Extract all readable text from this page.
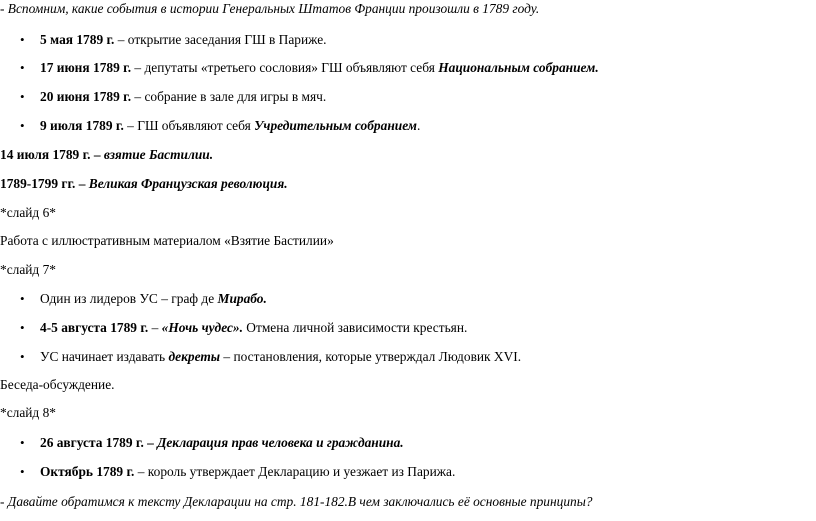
- Вспомним, какие события в истории Генеральных Штатов Франции произошли в 1789 году.
• 5 мая 1789 г. – открытие заседания ГШ в Париже.
• 17 июня 1789 г. – депутаты «третьего сословия» ГШ объявляют себя Национальным собранием.
• 20 июня 1789 г. – собрание в зале для игры в мяч.
• 9 июля 1789 г. – ГШ объявляют себя Учредительным собранием.
14 июля 1789 г. – взятие Бастилии.
1789-1799 гг. – Великая Французская революция.
*слайд 6*
Работа с иллюстративным материалом «Взятие Бастилии»
*слайд 7*
• Один из лидеров УС – граф де Мирабо.
• 4-5 августа 1789 г. – «Ночь чудес». Отмена личной зависимости крестьян.
• УС начинает издавать декреты – постановления, которые утверждал Людовик XVI.
Беседа-обсуждение.
*слайд 8*
• 26 августа 1789 г. – Декларация прав человека и гражданина.
• Октябрь 1789 г. – король утверждает Декларацию и уезжает из Парижа.
- Давайте обратимся к тексту Декларации на стр. 181-182.В чем заключались её основные принципы?
